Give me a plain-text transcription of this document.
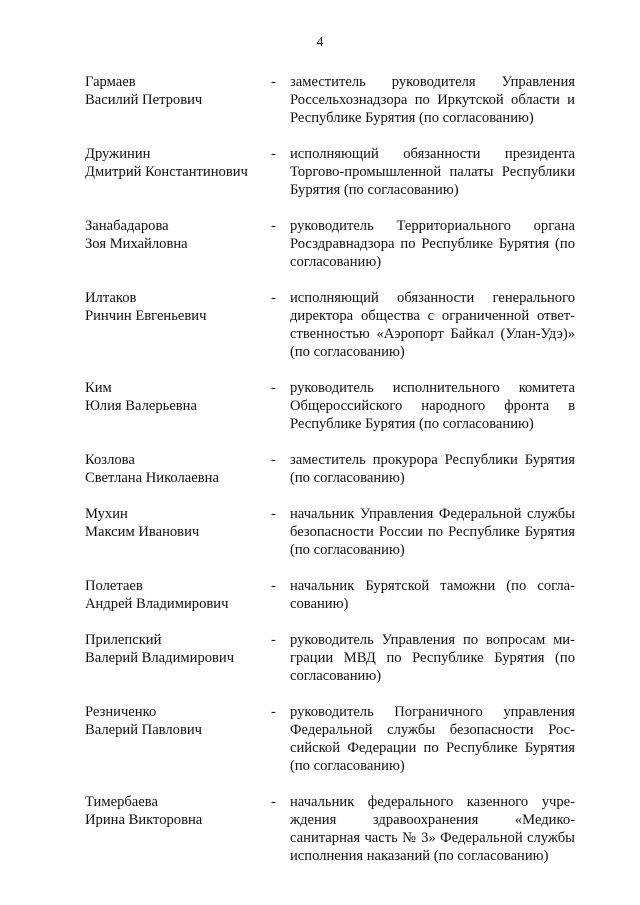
4
Гармаев
Василий Петрович
- заместитель руководителя Управления Россельхознадзора по Иркутской области и Республике Бурятия (по согласованию)
Дружинин
Дмитрий Константинович
- исполняющий обязанности президента Торгово-промышленной палаты Республики Бурятия (по согласованию)
Занабадарова
Зоя Михайловна
- руководитель Территориального органа Росздравнадзора по Республике Бурятия (по согласованию)
Илтаков
Ринчин Евгеньевич
- исполняющий обязанности генерального директора общества с ограниченной ответственностью «Аэропорт Байкал (Улан-Удэ)» (по согласованию)
Ким
Юлия Валерьевна
- руководитель исполнительного комитета Общероссийского народного фронта в Республике Бурятия (по согласованию)
Козлова
Светлана Николаевна
- заместитель прокурора Республики Бурятия (по согласованию)
Мухин
Максим Иванович
- начальник Управления Федеральной службы безопасности России по Республике Бурятия (по согласованию)
Полетаев
Андрей Владимирович
- начальник Бурятской таможни (по согласованию)
Прилепский
Валерий Владимирович
- руководитель Управления по вопросам миграции МВД по Республике Бурятия (по согласованию)
Резниченко
Валерий Павлович
- руководитель Пограничного управления Федеральной службы безопасности Российской Федерации по Республике Бурятия (по согласованию)
Тимербаева
Ирина Викторовна
- начальник федерального казенного учреждения здравоохранения «Медико-санитарная часть № 3» Федеральной службы исполнения наказаний (по согласованию)
